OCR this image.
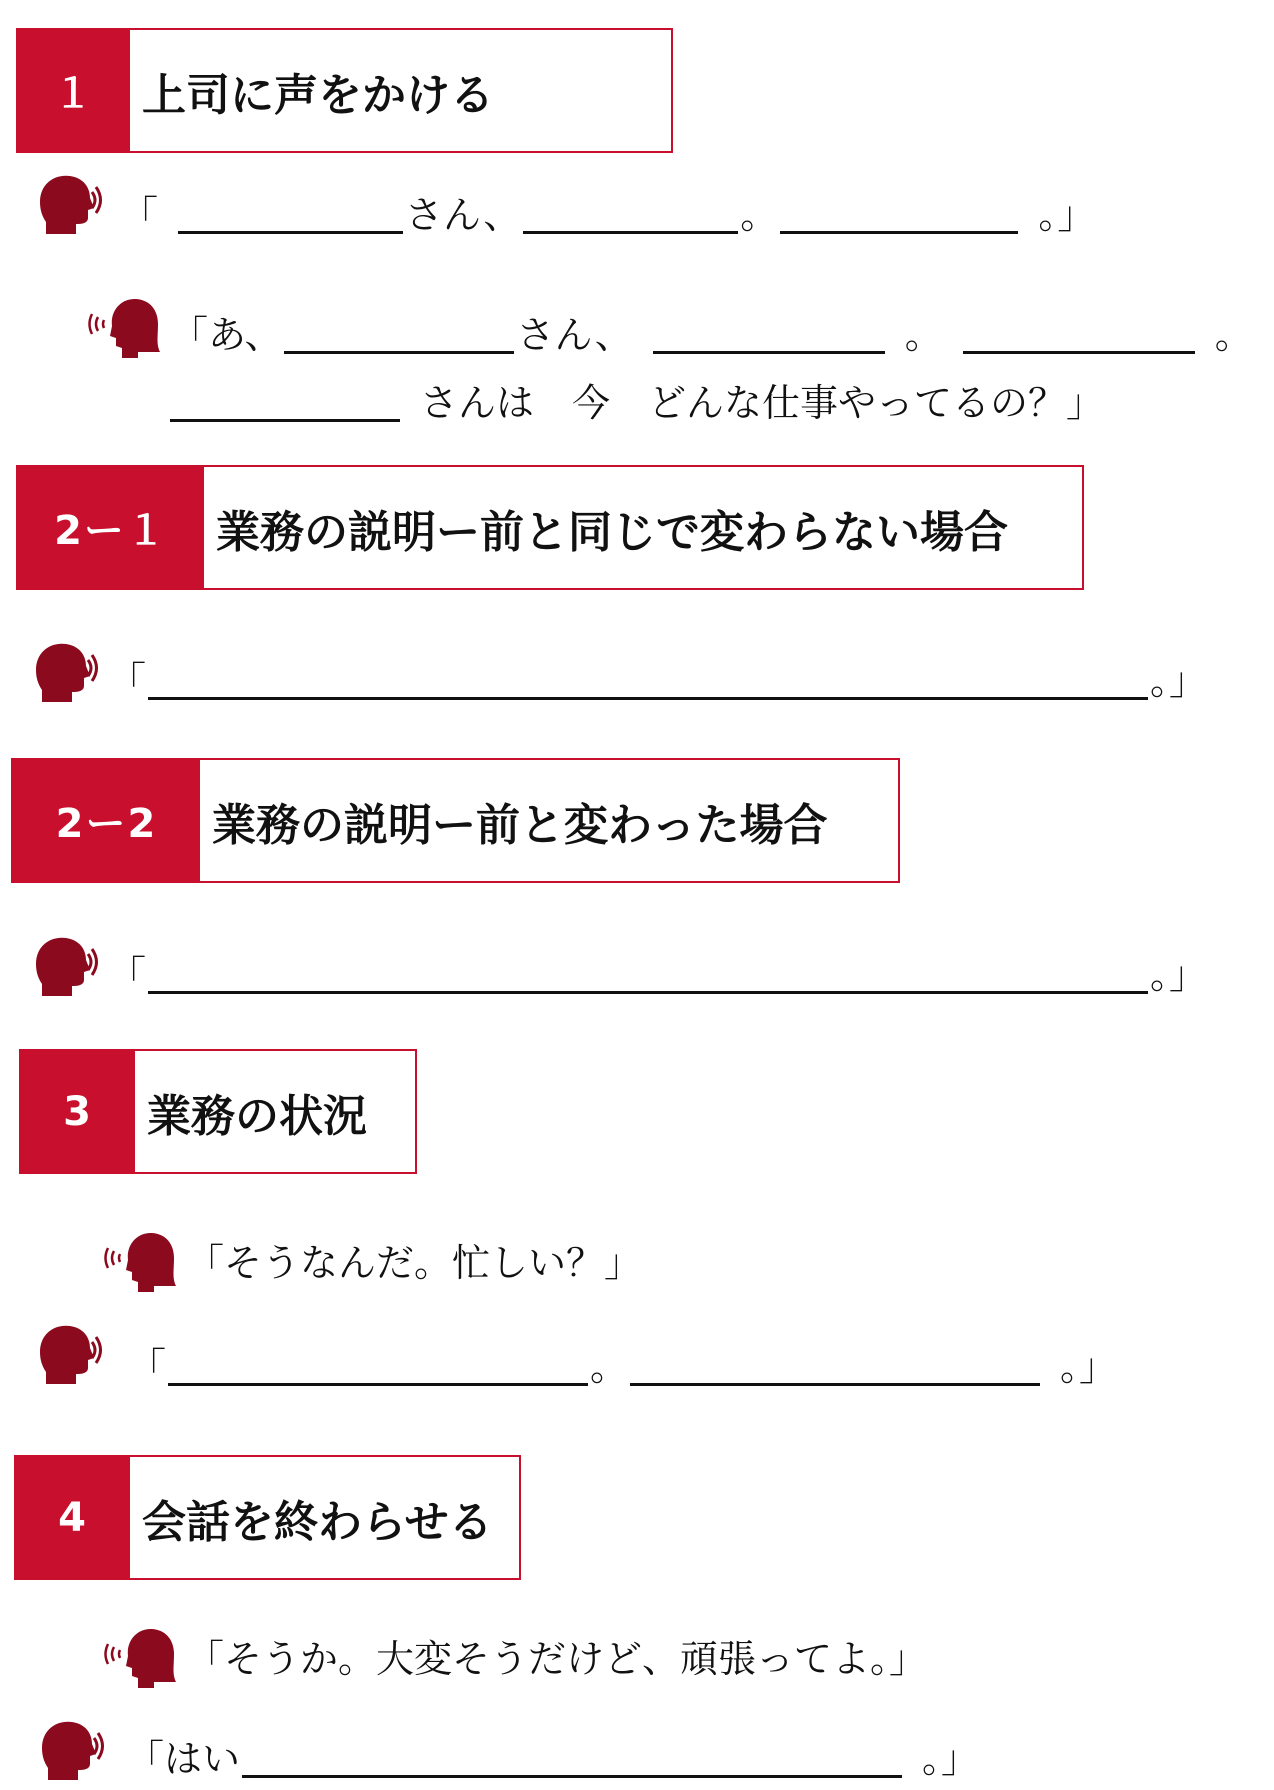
１	上司に声をかける
「	さん、	。	。」
「あ、	さん、	。	。
さんは　今　どんな仕事やってるの？」
2ー１	業務の説明ー前と同じで変わらない場合
「	。」
2ー2	業務の説明ー前と変わった場合
「	。」
3	業務の状況
「そうなんだ。忙しい？」
「	。	。」
4	会話を終わらせる
「そうか。大変そうだけど、頑張ってよ。」
「はい	。」
